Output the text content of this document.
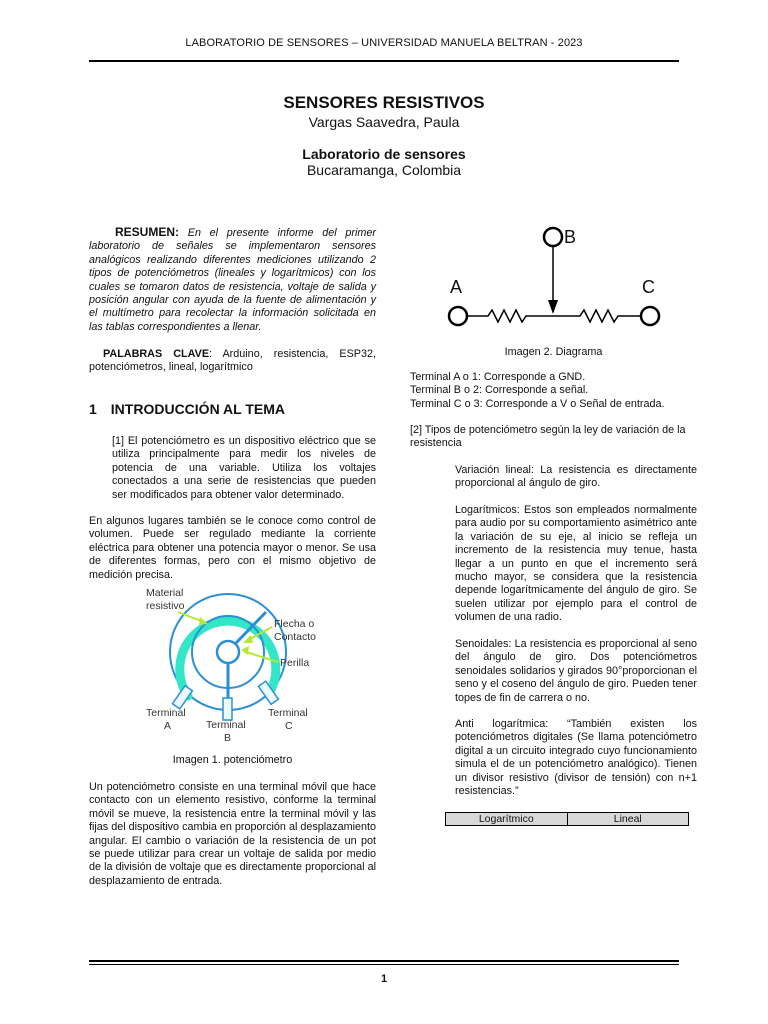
LABORATORIO DE SENSORES – UNIVERSIDAD MANUELA BELTRAN - 2023
SENSORES RESISTIVOS
Vargas Saavedra, Paula
Laboratorio de sensores
Bucaramanga, Colombia
RESUMEN: En el presente informe del primer laboratorio de señales se implementaron sensores analógicos realizando diferentes mediciones utilizando 2 tipos de potenciómetros (lineales y logarítmicos) con los cuales se tomaron datos de resistencia, voltaje de salida y posición angular con ayuda de la fuente de alimentación y el multímetro para recolectar la información solicitada en las tablas correspondientes a llenar.
PALABRAS CLAVE: Arduino, resistencia, ESP32, potenciómetros, lineal, logarítmico
1 INTRODUCCIÓN AL TEMA
[1] El potenciómetro es un dispositivo eléctrico que se utiliza principalmente para medir los niveles de potencia de una variable. Utiliza los voltajes conectados a una serie de resistencias que pueden ser modificados para obtener valor determinado.
En algunos lugares también se le conoce como control de volumen. Puede ser regulado mediante la corriente eléctrica para obtener una potencia mayor o menor. Se usa de diferentes formas, pero con el mismo objetivo de medición precisa.
Material
resistivo
Flecha o
Contacto
Perilla
Terminal
A	Terminal
B
Terminal
C
Imagen 1. potenciómetro
Un potenciómetro consiste en una terminal móvil que hace contacto con un elemento resistivo, conforme la terminal móvil se mueve, la resistencia entre la terminal móvil y las fijas del dispositivo cambia en proporción al desplazamiento angular. El cambio o variación de la resistencia de un pot se puede utilizar para crear un voltaje de salida por medio de la división de voltaje que es directamente proporcional al desplazamiento de entrada.
B
A	C
Imagen 2. Diagrama
Terminal A o 1: Corresponde a GND.
Terminal B o 2: Corresponde a señal.
Terminal C o 3: Corresponde a V o Señal de entrada.
[2] Tipos de potenciómetro según la ley de variación de la resistencia
Variación lineal: La resistencia es directamente proporcional al ángulo de giro.
Logarítmicos: Estos son empleados normalmente para audio por su comportamiento asimétrico ante la variación de su eje, al inicio se refleja un incremento de la resistencia muy tenue, hasta llegar a un punto en que el incremento será mucho mayor, se considera que la resistencia depende logarítmicamente del ángulo de giro. Se suelen utilizar por ejemplo para el control de volumen de una radio.
Senoidales: La resistencia es proporcional al seno del ángulo de giro. Dos potenciómetros senoidales solidarios y girados 90°proporcionan el seno y el coseno del ángulo de giro. Pueden tener topes de fin de carrera o no.
Anti logarítmica: “También existen los potenciómetros digitales (Se llama potenciómetro digital a un circuito integrado cuyo funcionamiento simula el de un potenciómetro analógico). Tienen un divisor resistivo (divisor de tensión) con n+1 resistencias.”
Logarítmico	Lineal
1
